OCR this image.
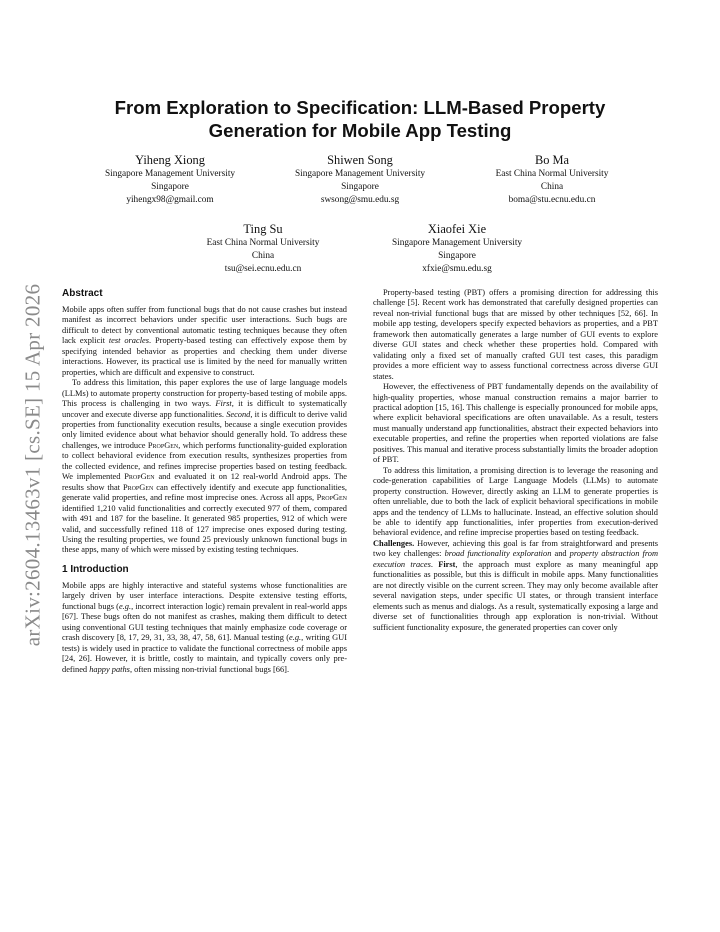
arXiv:2604.13463v1 [cs.SE] 15 Apr 2026
From Exploration to Specification: LLM-Based Property
Generation for Mobile App Testing
Yiheng Xiong
Singapore Management University
Singapore
yihengx98@gmail.com
Shiwen Song
Singapore Management University
Singapore
swsong@smu.edu.sg
Bo Ma
East China Normal University
China
boma@stu.ecnu.edu.cn
Ting Su
East China Normal University
China
tsu@sei.ecnu.edu.cn
Xiaofei Xie
Singapore Management University
Singapore
xfxie@smu.edu.sg
Abstract

Mobile apps often suffer from functional bugs that do not cause crashes but instead manifest as incorrect behaviors under specific user interactions. Such bugs are difficult to detect by conventional automatic testing techniques because they often lack explicit test oracles. Property-based testing can effectively expose them by specifying intended behavior as properties and checking them under diverse interactions. However, its practical use is limited by the need for manually written properties, which are difficult and expensive to construct.

To address this limitation, this paper explores the use of large language models (LLMs) to automate property construction for property-based testing of mobile apps. This process is challenging in two ways. First, it is difficult to systematically uncover and execute diverse app functionalities. Second, it is difficult to derive valid properties from functionality execution results, because a single execution provides only limited evidence about what behavior should generally hold. To address these challenges, we introduce PropGen, which performs functionality-guided exploration to collect behavioral evidence from execution results, synthesizes properties from the collected evidence, and refines imprecise properties based on testing feedback. We implemented PropGen and evaluated it on 12 real-world Android apps. The results show that PropGen can effectively identify and execute app functionalities, generate valid properties, and refine most imprecise ones. Across all apps, PropGen identified 1,210 valid functionalities and correctly executed 977 of them, compared with 491 and 187 for the baseline. It generated 985 properties, 912 of which were valid, and successfully refined 118 of 127 imprecise ones exposed during testing. Using the resulting properties, we found 25 previously unknown functional bugs in these apps, many of which were missed by existing testing techniques.

1 Introduction

Mobile apps are highly interactive and stateful systems whose functionalities are largely driven by user interface interactions. Despite extensive testing efforts, functional bugs (e.g., incorrect interaction logic) remain prevalent in real-world apps [67]. These bugs often do not manifest as crashes, making them difficult to detect using conventional GUI testing techniques that mainly emphasize code coverage or crash discovery [8, 17, 29, 31, 33, 38, 47, 58, 61]. Manual testing (e.g., writing GUI tests) is widely used in practice to validate the functional correctness of mobile apps [24, 26]. However, it is brittle, costly to maintain, and typically covers only pre-defined happy paths, often missing non-trivial functional bugs [66].

Property-based testing (PBT) offers a promising direction for addressing this challenge [5]. Recent work has demonstrated that carefully designed properties can reveal non-trivial functional bugs that are missed by other techniques [52, 66]. In mobile app testing, developers specify expected behaviors as properties, and a PBT framework then automatically generates a large number of GUI events to explore diverse GUI states and check whether these properties hold. Compared with validating only a fixed set of manually crafted GUI test cases, this paradigm provides a more efficient way to assess functional correctness across diverse GUI states.

However, the effectiveness of PBT fundamentally depends on the availability of high-quality properties, whose manual construction remains a major barrier to practical adoption [15, 16]. This challenge is especially pronounced for mobile apps, where explicit behavioral specifications are often unavailable. As a result, testers must manually understand app functionalities, abstract their expected behaviors into executable properties, and refine the properties when reported violations are false positives. This manual and iterative process substantially limits the broader adoption of PBT.

To address this limitation, a promising direction is to leverage the reasoning and code-generation capabilities of Large Language Models (LLMs) to automate property construction. However, directly asking an LLM to generate properties is often unreliable, due to both the lack of explicit behavioral specifications in mobile apps and the tendency of LLMs to hallucinate. Instead, an effective solution should be able to identify app functionalities, infer properties from execution-derived behavioral evidence, and refine imprecise properties based on testing feedback.

Challenges. However, achieving this goal is far from straightforward and presents two key challenges: broad functionality exploration and property abstraction from execution traces. First, the approach must explore as many meaningful app functionalities as possible, but this is difficult in mobile apps. Many functionalities are not directly visible on the current screen. They may only become available after several navigation steps, under specific UI states, or through transient interface elements such as menus and dialogs. As a result, systematically exposing a large and diverse set of functionalities through app exploration is non-trivial. Without sufficient functionality exposure, the generated properties can cover only
